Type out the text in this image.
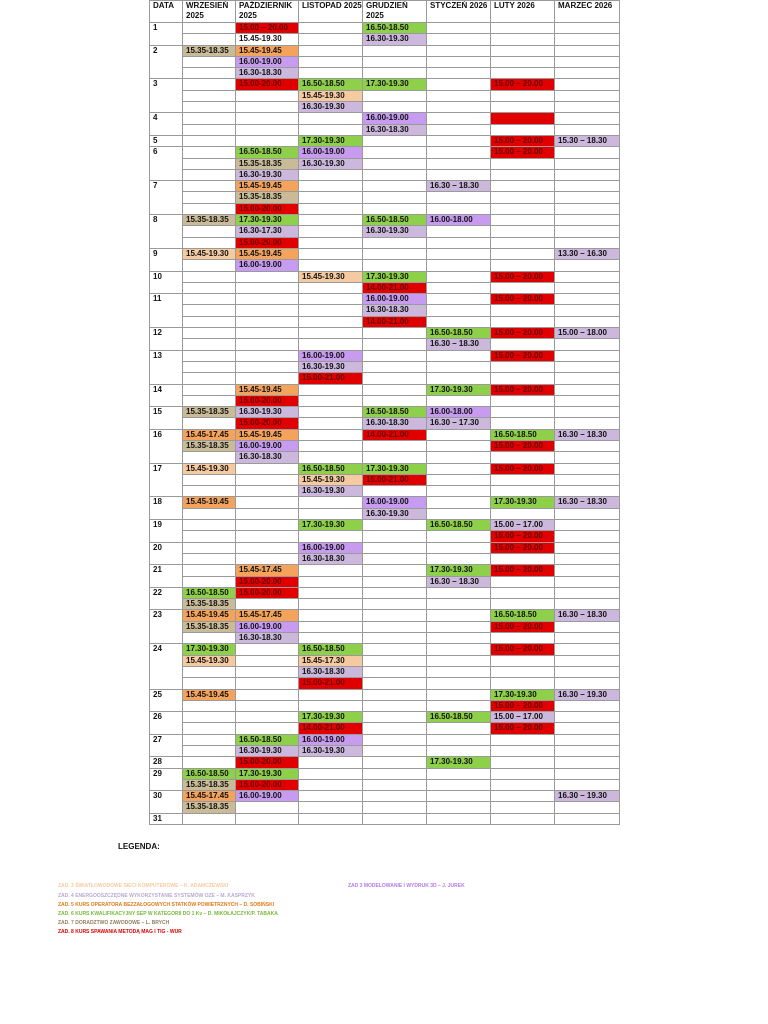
DATA	WRZESIEŃ 2025	PAŹDZIERNIK 2025	LISTOPAD 2025	GRUDZIEŃ 2025	STYCZEŃ 2026	LUTY 2026	MARZEC 2026
1		15.00 – 20.00		16.50-18.50			
		15.45-19.30		16.30-19.30			
2	15.35-18.35	15.45-19.45					
		16.00-19.00					
		16.30-18.30					
3		15.00-20.00	16.50-18.50	17.30-19.30		15.00 – 20.00	
			15.45-19.30				
			16.30-19.30				
4				16.00-19.00			
				16.30-18.30			
5			17.30-19.30			15.00 – 20.00	15.30 – 18.30
6		16.50-18.50	16.00-19.00			15.00 – 20.00	
		15.35-18.35	16.30-19.30				
		16.30-19.30					
7		15.45-19.45			16.30 – 18.30		
		15.35-18.35					
		15.00-20.00					
8	15.35-18.35	17.30-19.30		16.50-18.50	16.00-18.00		
		16.30-17.30		16.30-19.30			
		15.00-20.00					
9	15.45-19.30	15.45-19.45					13.30 – 16.30
		16.00-19.00					
10			15.45-19.30	17.30-19.30		15.00 – 20.00	
				14.00-21.00			
11				16.00-19.00		15.00 – 20.00	
				16.30-18.30			
				14.00-21.00			
12					16.50-18.50	15.00 – 20.00	15.00 – 18.00
					16.30 – 18.30		
13			16.00-19.00			15.00 – 20.00	
			16.30-19.30				
			15.00-21.00				
14		15.45-19.45			17.30-19.30	15.00 – 20.00	
		15.00-20.00					
15	15.35-18.35	16.30-19.30		16.50-18.50	16.00-18.00		
		15.00-20.00		16.30-18.30	16.30 – 17.30		
16	15.45-17.45	15.45-19.45		14.00-21.00		16.50-18.50	16.30 – 18.30
	15.35-18.35	16.00-19.00				15.00 – 20.00	
		16.30-18.30					
17	15.45-19.30		16.50-18.50	17.30-19.30		15.00 – 20.00	
			15.45-19.30	15.00-21.00			
			16.30-19.30				
18	15.45-19.45			16.00-19.00		17.30-19.30	16.30 – 18.30
				16.30-19.30			
19			17.30-19.30		16.50-18.50	15.00 – 17.00	
						15.00 – 20.00	
20			16.00-19.00			15.00 – 20.00	
			16.30-18.30				
21		15.45-17.45			17.30-19.30	15.00 – 20.00	
		15.00-20.00			16.30 – 18.30		
22	16.50-18.50	15.00-20.00					
	15.35-18.35						
23	15.45-19.45	15.45-17.45				16.50-18.50	16.30 – 18.30
	15.35-18.35	16.00-19.00				15.00 – 20.00	
		16.30-18.30					
24	17.30-19.30		16.50-18.50			15.00 – 20.00	
	15.45-19.30		15.45-17.30				
			16.30-18.30				
			15.00-21.00				
25	15.45-19.45					17.30-19.30	16.30 – 19.30
						15.00 – 20.00	
26			17.30-19.30		16.50-18.50	15.00 – 17.00	
			14.00-21.00			15.00 – 20.00	
27		16.50-18.50	16.00-19.00				
		16.30-19.30	16.30-19.30				
28		15.00-20.00			17.30-19.30		
29	16.50-18.50	17.30-19.30					
	15.35-18.35	15.00-20.00					
30	15.45-17.45	16.00-19.00					16.30 – 19.30
	15.35-18.35						
31							
LEGENDA:
ZAD. 3 ŚWIATŁOWODOWE SIECI KOMPUTEROWE – K. ADAMCZEWSKI
ZAD. 4 ENERGOOSZCZĘDNE WYKORZYSTANIE SYSTEMÓW OZE – M. KASPRZYK
ZAD. 5 KURS OPERATORA BEZZAŁOGOWYCH STATKÓW POWIETRZNYCH – D. SOBIŃSKI
ZAD. 6 KURS KWALIFIKACYJNY SEP W KATEGORII DO 1 Kv – D. MIKOŁAJCZYK/P. TABAKA
ZAD. 7 DORADZTWO ZAWODOWE – L. BRYCH
ZAD. 8 KURS SPAWANIA METODĄ MAG I TIG - WUR
ZAD 3 MODELOWANIE I WYDRUK 3D – J. JUREK
